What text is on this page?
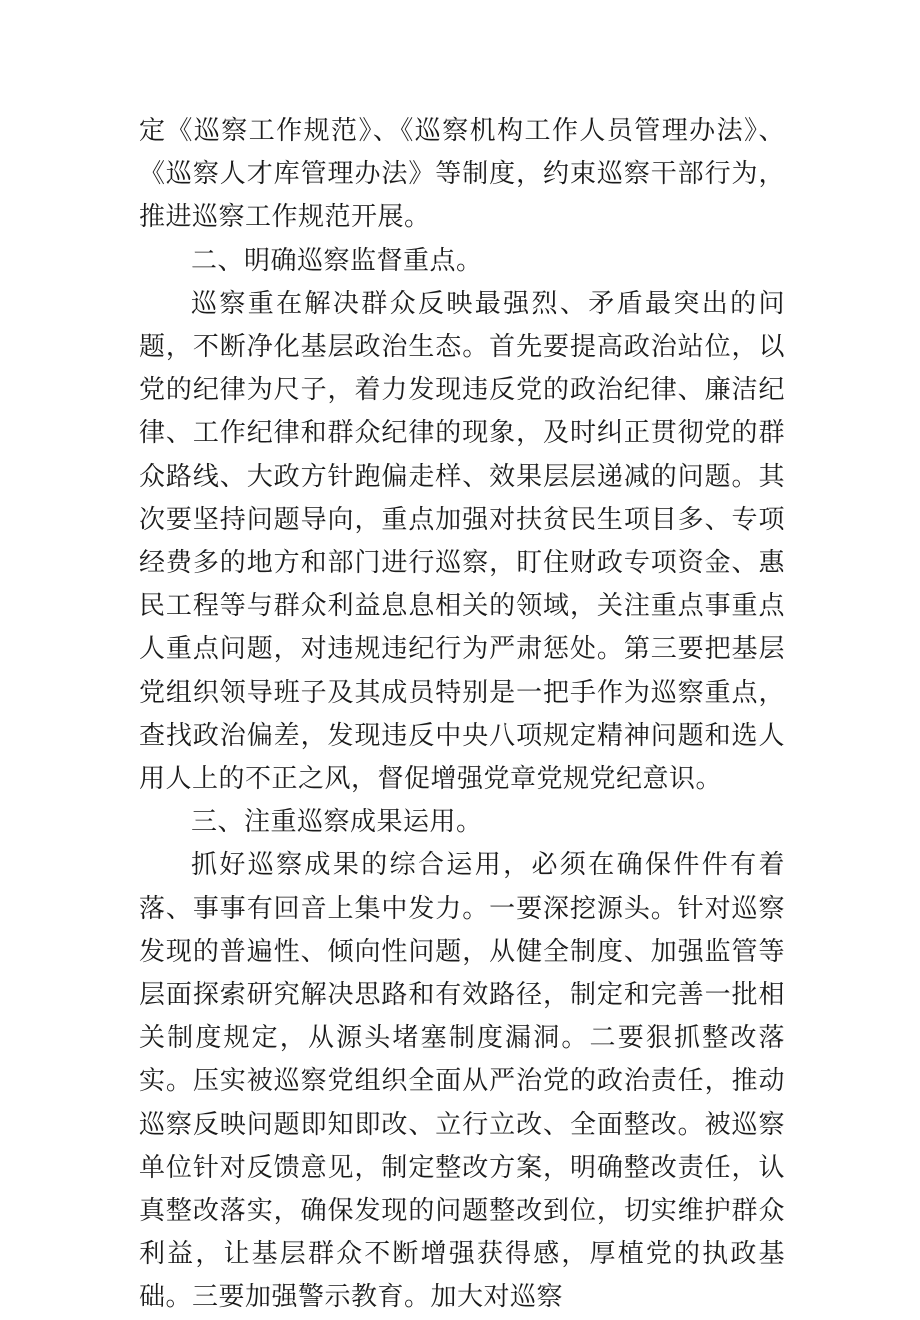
定《巡察工作规范》、《巡察机构工作人员管理办法》、《巡察人才库管理办法》等制度，约束巡察干部行为，推进巡察工作规范开展。

二、明确巡察监督重点。

巡察重在解决群众反映最强烈、矛盾最突出的问题，不断净化基层政治生态。首先要提高政治站位，以党的纪律为尺子，着力发现违反党的政治纪律、廉洁纪律、工作纪律和群众纪律的现象，及时纠正贯彻党的群众路线、大政方针跑偏走样、效果层层递减的问题。其次要坚持问题导向，重点加强对扶贫民生项目多、专项经费多的地方和部门进行巡察，盯住财政专项资金、惠民工程等与群众利益息息相关的领域，关注重点事重点人重点问题，对违规违纪行为严肃惩处。第三要把基层党组织领导班子及其成员特别是一把手作为巡察重点，查找政治偏差，发现违反中央八项规定精神问题和选人用人上的不正之风，督促增强党章党规党纪意识。

三、注重巡察成果运用。

抓好巡察成果的综合运用，必须在确保件件有着落、事事有回音上集中发力。一要深挖源头。针对巡察发现的普遍性、倾向性问题，从健全制度、加强监管等层面探索研究解决思路和有效路径，制定和完善一批相关制度规定，从源头堵塞制度漏洞。二要狠抓整改落实。压实被巡察党组织全面从严治党的政治责任，推动巡察反映问题即知即改、立行立改、全面整改。被巡察单位针对反馈意见，制定整改方案，明确整改责任，认真整改落实，确保发现的问题整改到位，切实维护群众利益，让基层群众不断增强获得感，厚植党的执政基础。三要加强警示教育。加大对巡察
